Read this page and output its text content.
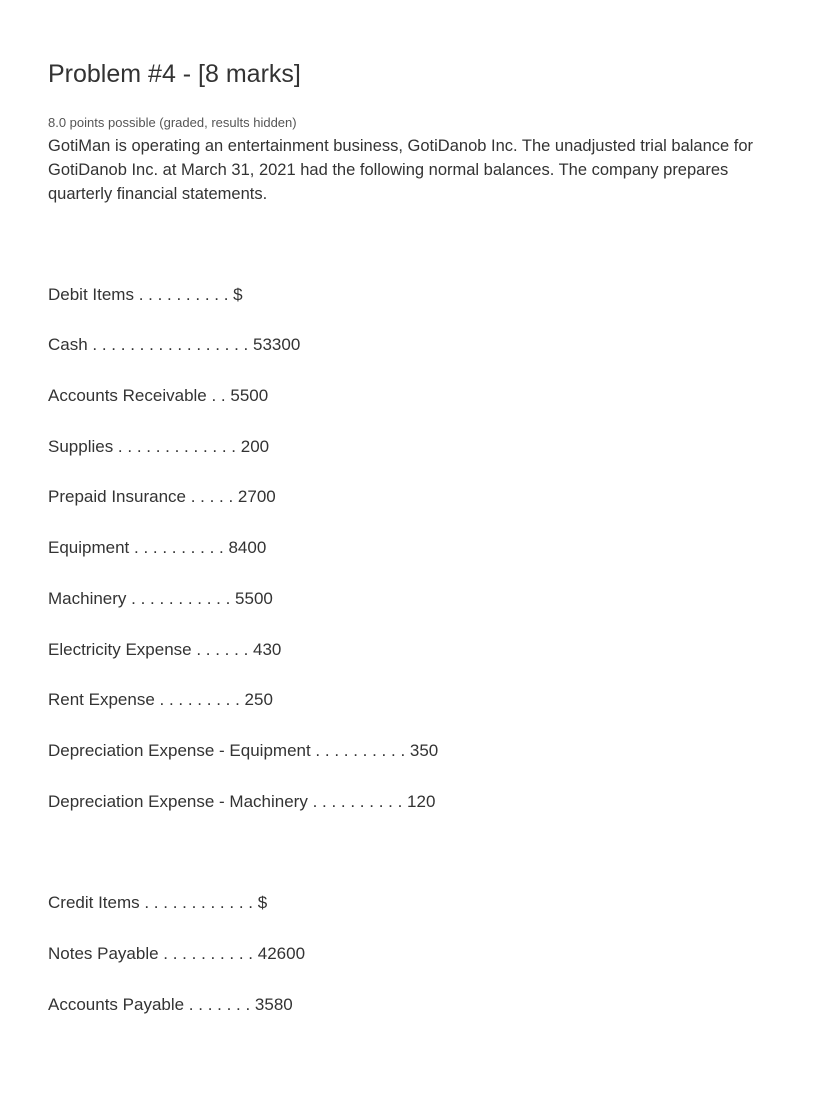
Problem #4 - [8 marks]
8.0 points possible (graded, results hidden)

GotiMan is operating an entertainment business, GotiDanob Inc. The unadjusted trial balance for GotiDanob Inc. at March 31, 2021 had the following normal balances. The company prepares quarterly financial statements.

Debit Items . . . . . . . . . . $
Cash . . . . . . . . . . . . . . . . . 53300
Accounts Receivable . . 5500
Supplies . . . . . . . . . . . . . 200
Prepaid Insurance . . . . . 2700
Equipment . . . . . . . . . . 8400
Machinery . . . . . . . . . . . 5500
Electricity Expense . . . . . . 430
Rent Expense . . . . . . . . . 250
Depreciation Expense - Equipment . . . . . . . . . . 350
Depreciation Expense - Machinery . . . . . . . . . . 120
Credit Items . . . . . . . . . . . . $
Notes Payable . . . . . . . . . . 42600
Accounts Payable . . . . . . . 3580
